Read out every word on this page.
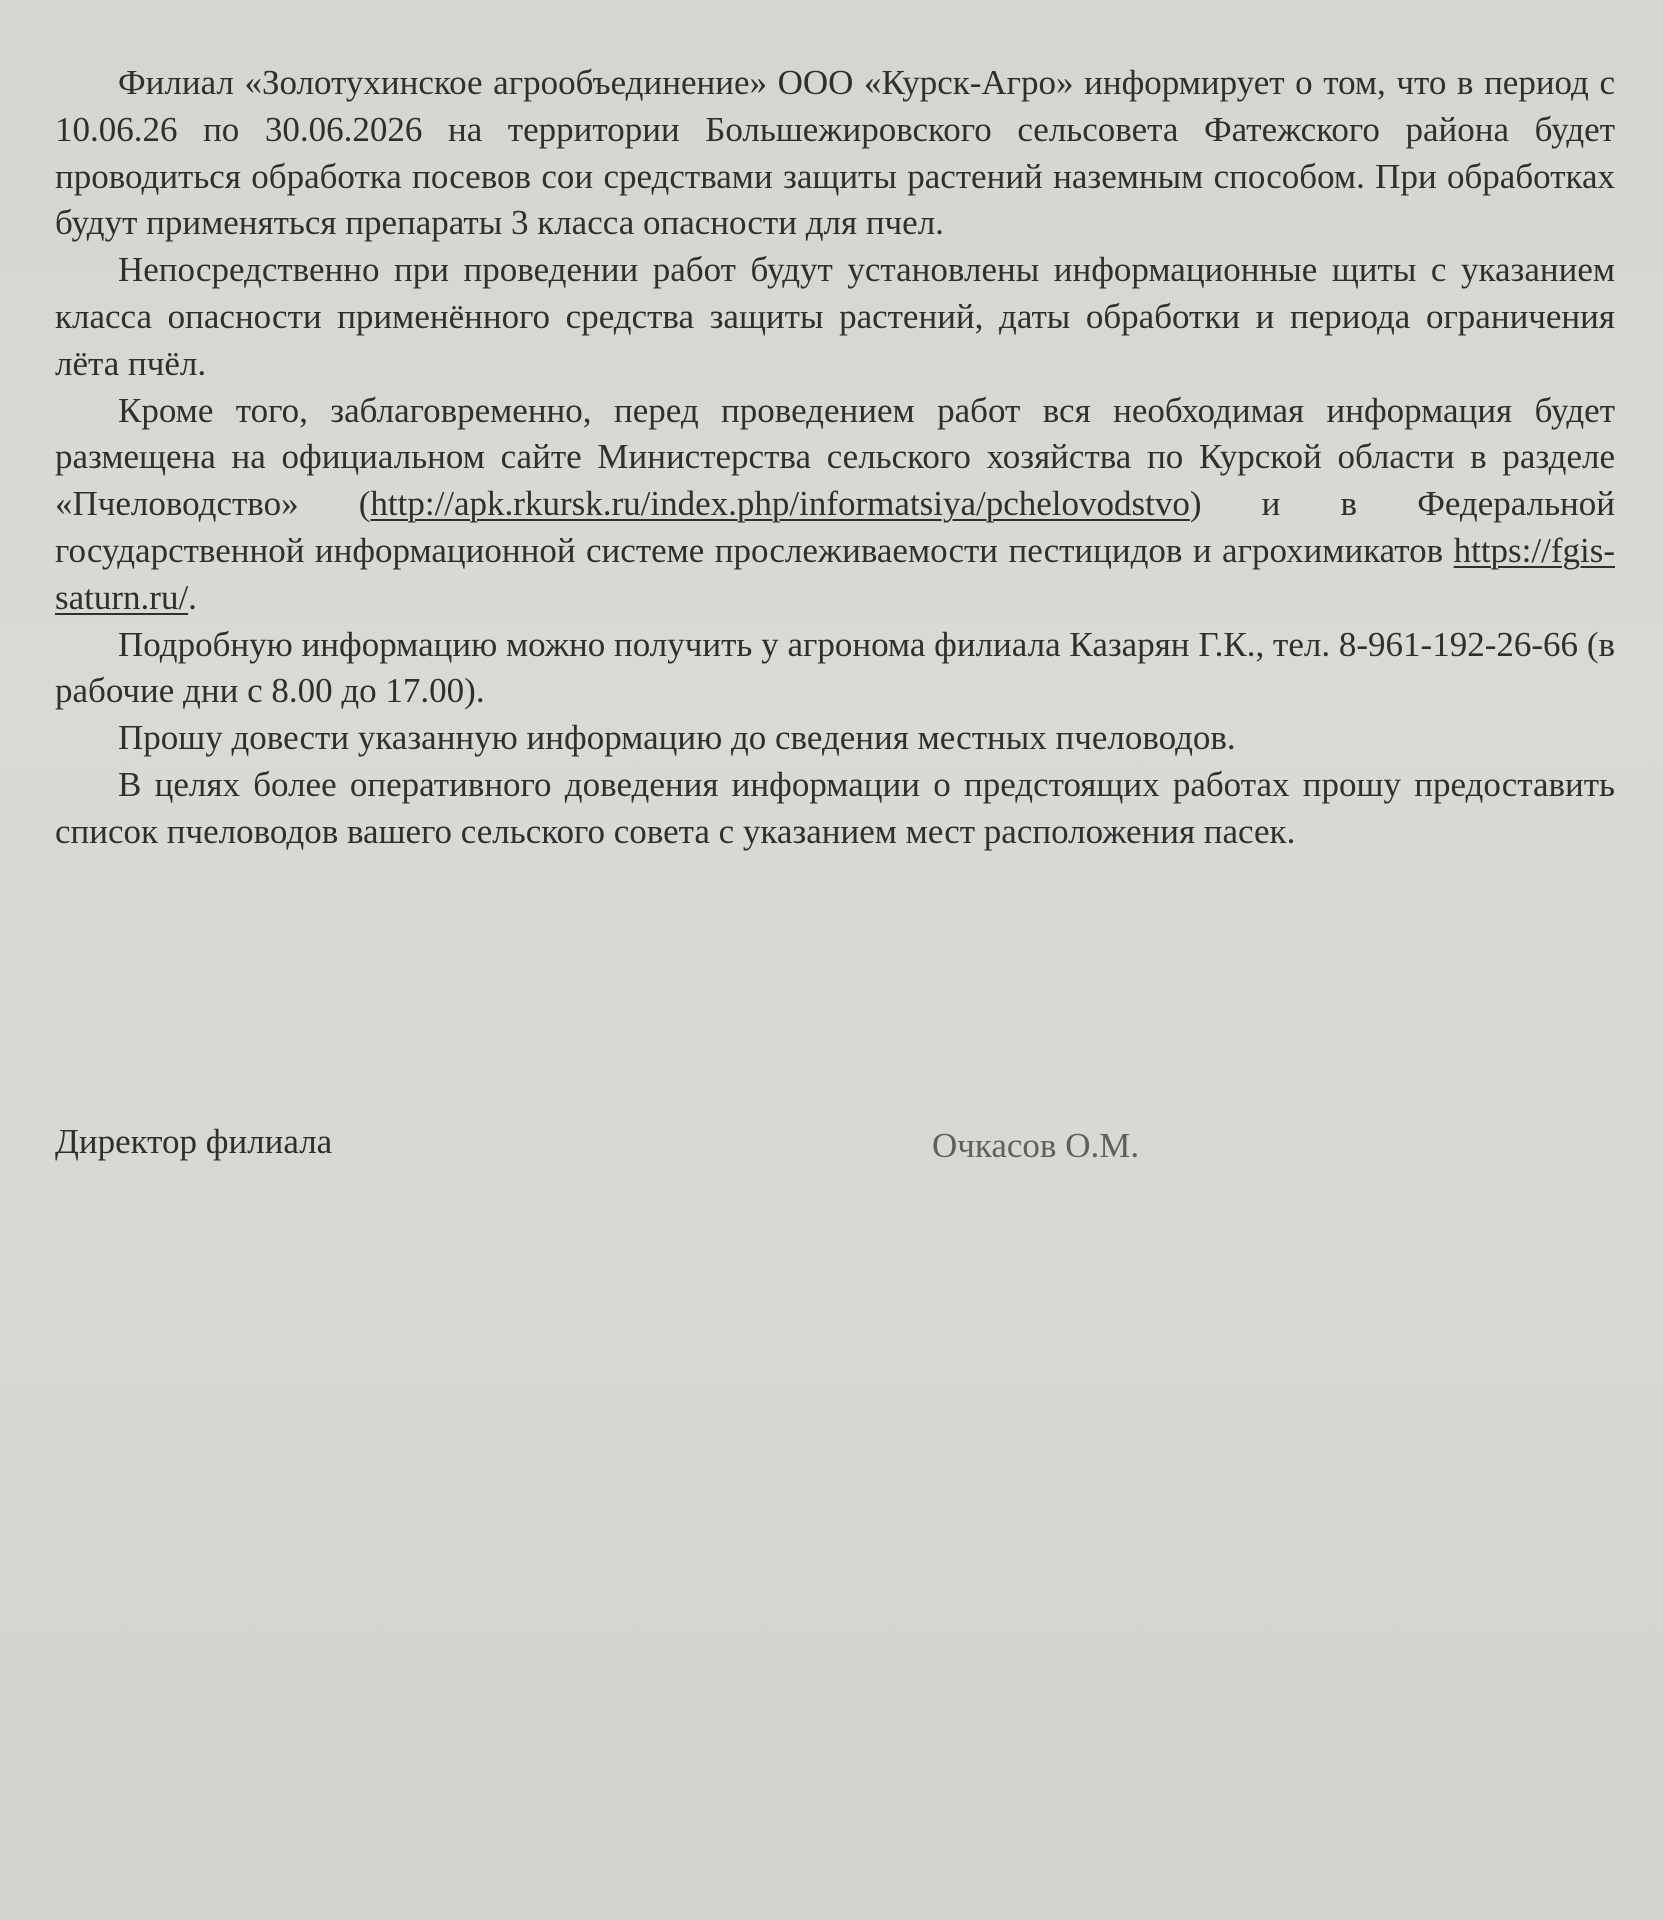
Филиал «Золотухинское агрообъединение» ООО «Курск-Агро» информирует о том, что в период с 10.06.26 по 30.06.2026 на территории Большежировского сельсовета Фатежского района будет проводиться обработка посевов сои средствами защиты растений наземным способом. При обработках будут применяться препараты 3 класса опасности для пчел.

Непосредственно при проведении работ будут установлены информационные щиты с указанием класса опасности применённого средства защиты растений, даты обработки и периода ограничения лёта пчёл.

Кроме того, заблаговременно, перед проведением работ вся необходимая информация будет размещена на официальном сайте Министерства сельского хозяйства по Курской области в разделе «Пчеловодство» (http://apk.rkursk.ru/index.php/informatsiya/pchelovodstvo) и в Федеральной государственной информационной системе прослеживаемости пестицидов и агрохимикатов https://fgis-saturn.ru/.

Подробную информацию можно получить у агронома филиала Казарян Г.К., тел. 8-961-192-26-66 (в рабочие дни с 8.00 до 17.00).

Прошу довести указанную информацию до сведения местных пчеловодов.

В целях более оперативного доведения информации о предстоящих работах прошу предоставить список пчеловодов вашего сельского совета с указанием мест расположения пасек.

Директор филиала	Очкасов О.М.
